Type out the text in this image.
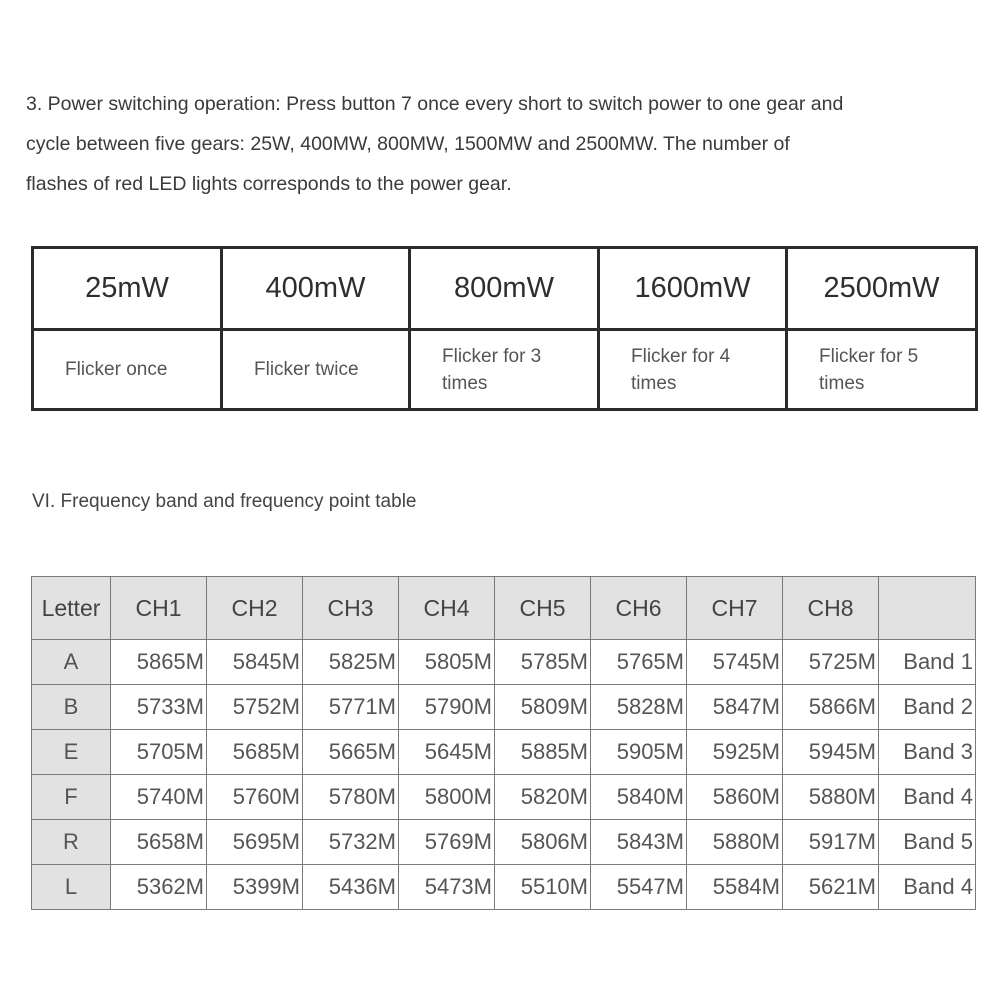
3. Power switching operation: Press button 7 once every short to switch power to one gear and

cycle between five gears: 25W, 400MW, 800MW, 1500MW and 2500MW. The number of

flashes of red LED lights corresponds to the power gear.

25mW	400mW	800mW	1600mW	2500mW
Flicker once	Flicker twice	Flicker for 3 times	Flicker for 4 times	Flicker for 5 times

VI. Frequency band and frequency point table

Letter	CH1	CH2	CH3	CH4	CH5	CH6	CH7	CH8	
A	5865M	5845M	5825M	5805M	5785M	5765M	5745M	5725M	Band 1
B	5733M	5752M	5771M	5790M	5809M	5828M	5847M	5866M	Band 2
E	5705M	5685M	5665M	5645M	5885M	5905M	5925M	5945M	Band 3
F	5740M	5760M	5780M	5800M	5820M	5840M	5860M	5880M	Band 4
R	5658M	5695M	5732M	5769M	5806M	5843M	5880M	5917M	Band 5
L	5362M	5399M	5436M	5473M	5510M	5547M	5584M	5621M	Band 4
